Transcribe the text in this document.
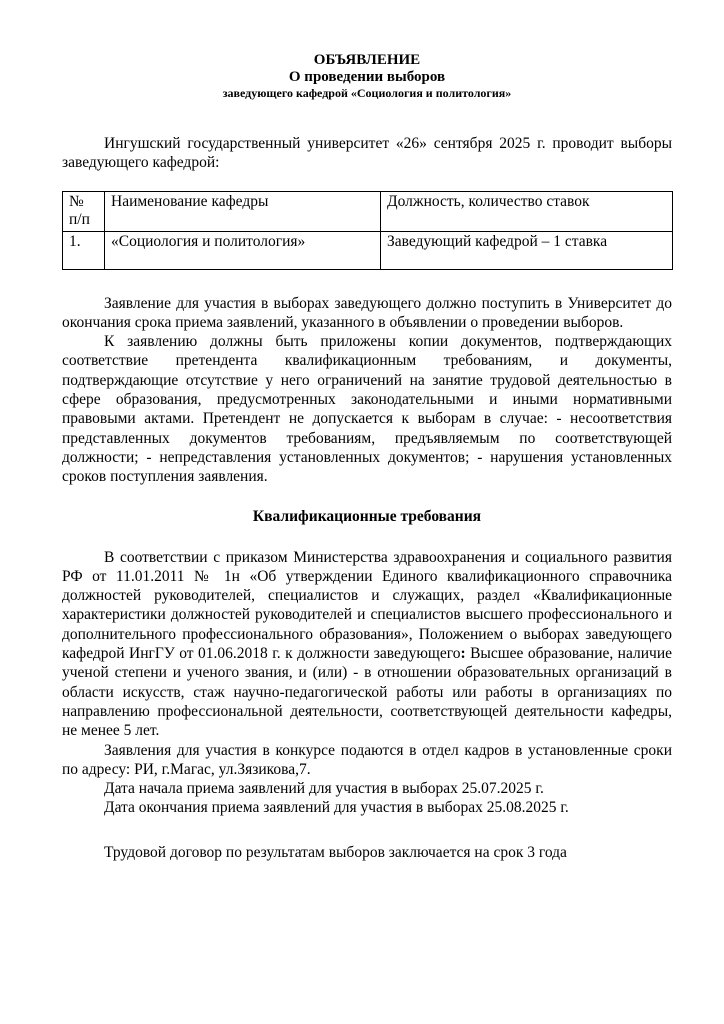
ОБЪЯВЛЕНИЕ
О проведении выборов
заведующего кафедрой «Социология и политология»

Ингушский государственный университет «26» сентября 2025 г. проводит выборы заведующего кафедрой:

№ п/п	Наименование кафедры	Должность, количество ставок
1.	«Социология и политология»	Заведующий кафедрой – 1 ставка

Заявление для участия в выборах заведующего должно поступить в Университет до окончания срока приема заявлений, указанного в объявлении о проведении выборов.

К заявлению должны быть приложены копии документов, подтверждающих соответствие претендента квалификационным требованиям, и документы, подтверждающие отсутствие у него ограничений на занятие трудовой деятельностью в сфере образования, предусмотренных законодательными и иными нормативными правовыми актами. Претендент не допускается к выборам в случае: - несоответствия представленных документов требованиям, предъявляемым по соответствующей должности; - непредставления установленных документов; - нарушения установленных сроков поступления заявления.

Квалификационные требования

В соответствии с приказом Министерства здравоохранения и социального развития РФ от 11.01.2011 № 1н «Об утверждении Единого квалификационного справочника должностей руководителей, специалистов и служащих, раздел «Квалификационные характеристики должностей руководителей и специалистов высшего профессионального и дополнительного профессионального образования», Положением о выборах заведующего кафедрой ИнгГУ от 01.06.2018 г. к должности заведующего: Высшее образование, наличие ученой степени и ученого звания, и (или) - в отношении образовательных организаций в области искусств, стаж научно-педагогической работы или работы в организациях по направлению профессиональной деятельности, соответствующей деятельности кафедры, не менее 5 лет.

Заявления для участия в конкурсе подаются в отдел кадров в установленные сроки по адресу: РИ, г.Магас, ул.Зязикова,7.

Дата начала приема заявлений для участия в выборах 25.07.2025 г.

Дата окончания приема заявлений для участия в выборах 25.08.2025 г.

Трудовой договор по результатам выборов заключается на срок 3 года
